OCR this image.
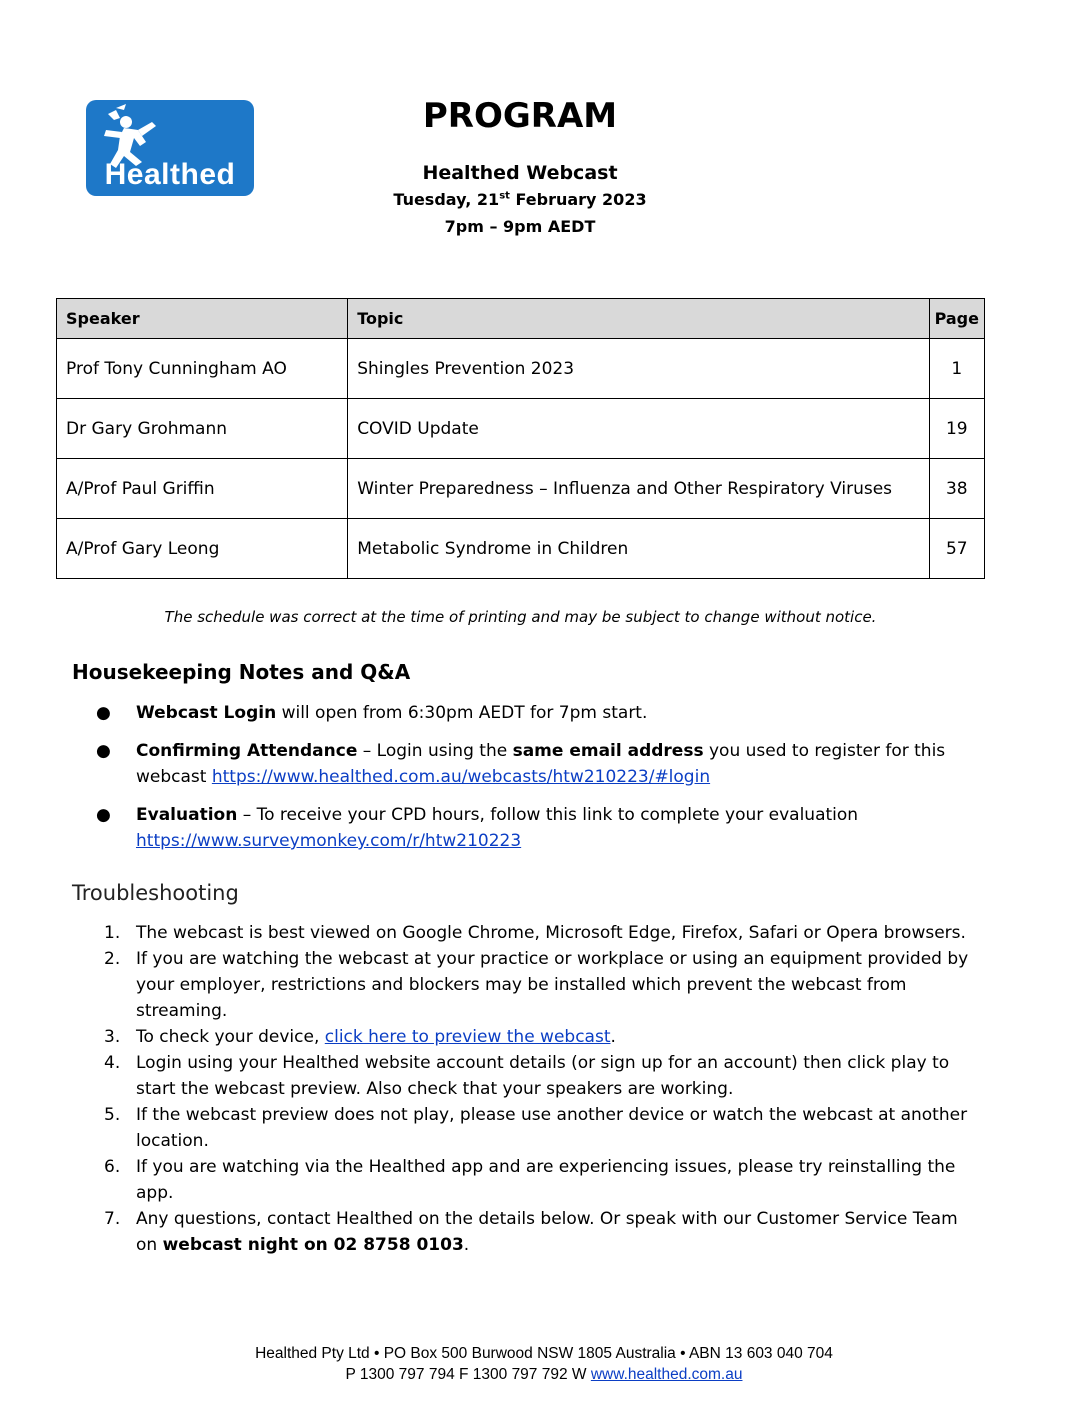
Healthed
PROGRAM
Healthed Webcast
Tuesday, 21st February 2023
7pm – 9pm AEDT
Speaker	Topic	Page
Prof Tony Cunningham AO	Shingles Prevention 2023	1
Dr Gary Grohmann	COVID Update	19
A/Prof Paul Griffin	Winter Preparedness – Influenza and Other Respiratory Viruses	38
A/Prof Gary Leong	Metabolic Syndrome in Children	57
The schedule was correct at the time of printing and may be subject to change without notice.
Housekeeping Notes and Q&A
● Webcast Login will open from 6:30pm AEDT for 7pm start.
● Confirming Attendance – Login using the same email address you used to register for this webcast https://www.healthed.com.au/webcasts/htw210223/#login
● Evaluation – To receive your CPD hours, follow this link to complete your evaluation https://www.surveymonkey.com/r/htw210223
Troubleshooting
1. The webcast is best viewed on Google Chrome, Microsoft Edge, Firefox, Safari or Opera browsers.
2. If you are watching the webcast at your practice or workplace or using an equipment provided by your employer, restrictions and blockers may be installed which prevent the webcast from streaming.
3. To check your device, click here to preview the webcast.
4. Login using your Healthed website account details (or sign up for an account) then click play to start the webcast preview. Also check that your speakers are working.
5. If the webcast preview does not play, please use another device or watch the webcast at another location.
6. If you are watching via the Healthed app and are experiencing issues, please try reinstalling the app.
7. Any questions, contact Healthed on the details below. Or speak with our Customer Service Team on webcast night on 02 8758 0103.
Healthed Pty Ltd • PO Box 500 Burwood NSW 1805 Australia • ABN 13 603 040 704
P 1300 797 794 F 1300 797 792 W www.healthed.com.au
